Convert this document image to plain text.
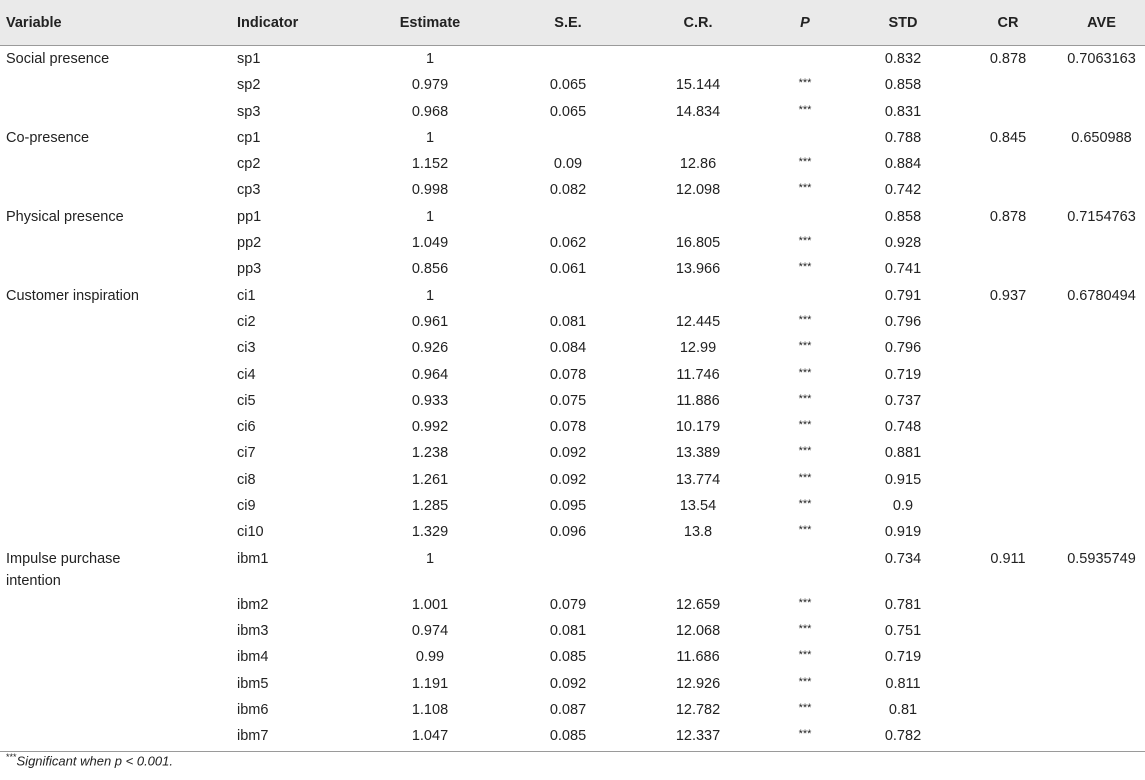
Variable	Indicator	Estimate	S.E.	C.R.	P	STD	CR	AVE

Social presence	sp1	1				0.832	0.878	0.7063163

	sp2	0.979	0.065	15.144	***	0.858		

	sp3	0.968	0.065	14.834	***	0.831		

Co-presence	cp1	1				0.788	0.845	0.650988

	cp2	1.152	0.09	12.86	***	0.884		

	cp3	0.998	0.082	12.098	***	0.742		

Physical presence	pp1	1				0.858	0.878	0.7154763

	pp2	1.049	0.062	16.805	***	0.928		

	pp3	0.856	0.061	13.966	***	0.741		

Customer inspiration	ci1	1				0.791	0.937	0.6780494

	ci2	0.961	0.081	12.445	***	0.796		

	ci3	0.926	0.084	12.99	***	0.796		

	ci4	0.964	0.078	11.746	***	0.719		

	ci5	0.933	0.075	11.886	***	0.737		

	ci6	0.992	0.078	10.179	***	0.748		

	ci7	1.238	0.092	13.389	***	0.881		

	ci8	1.261	0.092	13.774	***	0.915		

	ci9	1.285	0.095	13.54	***	0.9		

	ci10	1.329	0.096	13.8	***	0.919		

Impulse purchase intention	ibm1	1				0.734	0.911	0.5935749

	ibm2	1.001	0.079	12.659	***	0.781		

	ibm3	0.974	0.081	12.068	***	0.751		

	ibm4	0.99	0.085	11.686	***	0.719		

	ibm5	1.191	0.092	12.926	***	0.811		

	ibm6	1.108	0.087	12.782	***	0.81		

	ibm7	1.047	0.085	12.337	***	0.782		
***Significant when p < 0.001.
